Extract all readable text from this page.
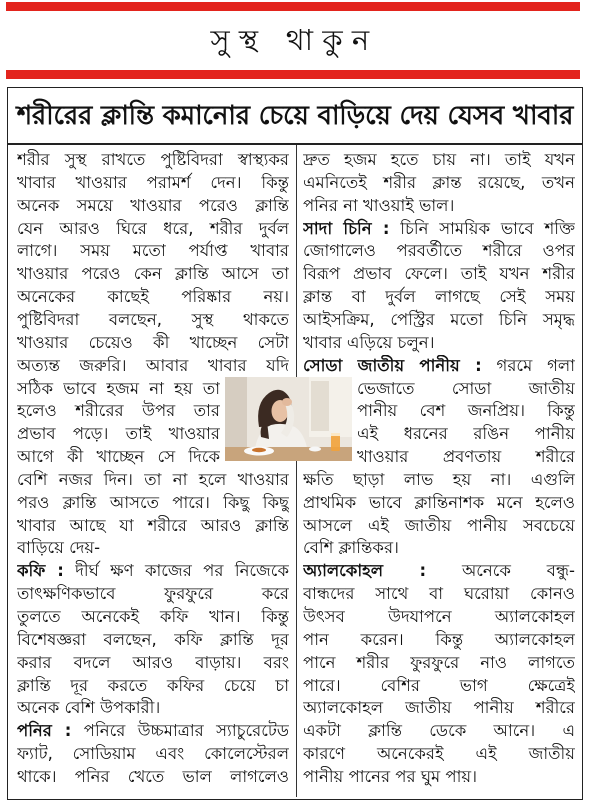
সুস্থ থাকুন
শরীরের ক্লান্তি কমানোর চেয়ে বাড়িয়ে দেয় যেসব খাবার
শরীর সুস্থ রাখতে পুষ্টিবিদরা স্বাস্থ্যকর
খাবার খাওয়ার পরামর্শ দেন। কিন্তু
অনেক সময়ে খাওয়ার পরেও ক্লান্তি
যেন আরও ঘিরে ধরে, শরীর দুর্বল
লাগে। সময় মতো পর্যাপ্ত খাবার
খাওয়ার পরেও কেন ক্লান্তি আসে তা
অনেকের কাছেই পরিষ্কার নয়।
পুষ্টিবিদরা বলছেন, সুস্থ থাকতে
খাওয়ার চেয়েও কী খাচ্ছেন সেটা
অত্যন্ত জরুরি। আবার খাবার যদি
সঠিক ভাবে হজম না হয় তা
হলেও শরীরের উপর তার
প্রভাব পড়ে। তাই খাওয়ার
আগে কী খাচ্ছেন সে দিকে
বেশি নজর দিন। তা না হলে খাওয়ার
পরও ক্লান্তি আসতে পারে। কিছু কিছু
খাবার আছে যা শরীরে আরও ক্লান্তি
বাড়িয়ে দেয়-
কফি : দীর্ঘ ক্ষণ কাজের পর নিজেকে
তাৎক্ষণিকভাবে ফুরফুরে করে
তুলতে অনেকেই কফি খান। কিন্তু
বিশেষজ্ঞরা বলছেন, কফি ক্লান্তি দূর
করার বদলে আরও বাড়ায়। বরং
ক্লান্তি দূর করতে কফির চেয়ে চা
অনেক বেশি উপকারী।
পনির : পনিরে উচ্চমাত্রার স্যাচুরেটেড
ফ্যাট, সোডিয়াম এবং কোলেস্টেরল
থাকে। পনির খেতে ভাল লাগলেও
দ্রুত হজম হতে চায় না। তাই যখন
এমনিতেই শরীর ক্লান্ত রয়েছে, তখন
পনির না খাওয়াই ভাল।
সাদা চিনি : চিনি সাময়িক ভাবে শক্তি
জোগালেও পরবর্তীতে শরীরে ওপর
বিরূপ প্রভাব ফেলে। তাই যখন শরীর
ক্লান্ত বা দুর্বল লাগছে সেই সময়
আইসক্রিম, পেস্ট্রির মতো চিনি সমৃদ্ধ
খাবার এড়িয়ে চলুন।
সোডা জাতীয় পানীয় : গরমে গলা
ভেজাতে সোডা জাতীয়
পানীয় বেশ জনপ্রিয়। কিন্তু
এই ধরনের রঙিন পানীয়
খাওয়ার প্রবণতায় শরীরে
ক্ষতি ছাড়া লাভ হয় না। এগুলি
প্রাথমিক ভাবে ক্লান্তিনাশক মনে হলেও
আসলে এই জাতীয় পানীয় সবচেয়ে
বেশি ক্লান্তিকর।
অ্যালকোহল : অনেকে বন্ধু-
বান্ধদের সাথে বা ঘরোয়া কোনও
উৎসব উদযাপনে অ্যালকোহল
পান করেন। কিন্তু অ্যালকোহল
পানে শরীর ফুরফুরে নাও লাগতে
পারে। বেশির ভাগ ক্ষেত্রেই
অ্যালকোহল জাতীয় পানীয় শরীরে
একটা ক্লান্তি ডেকে আনে। এ
কারণে অনেকেরই এই জাতীয়
পানীয় পানের পর ঘুম পায়।
